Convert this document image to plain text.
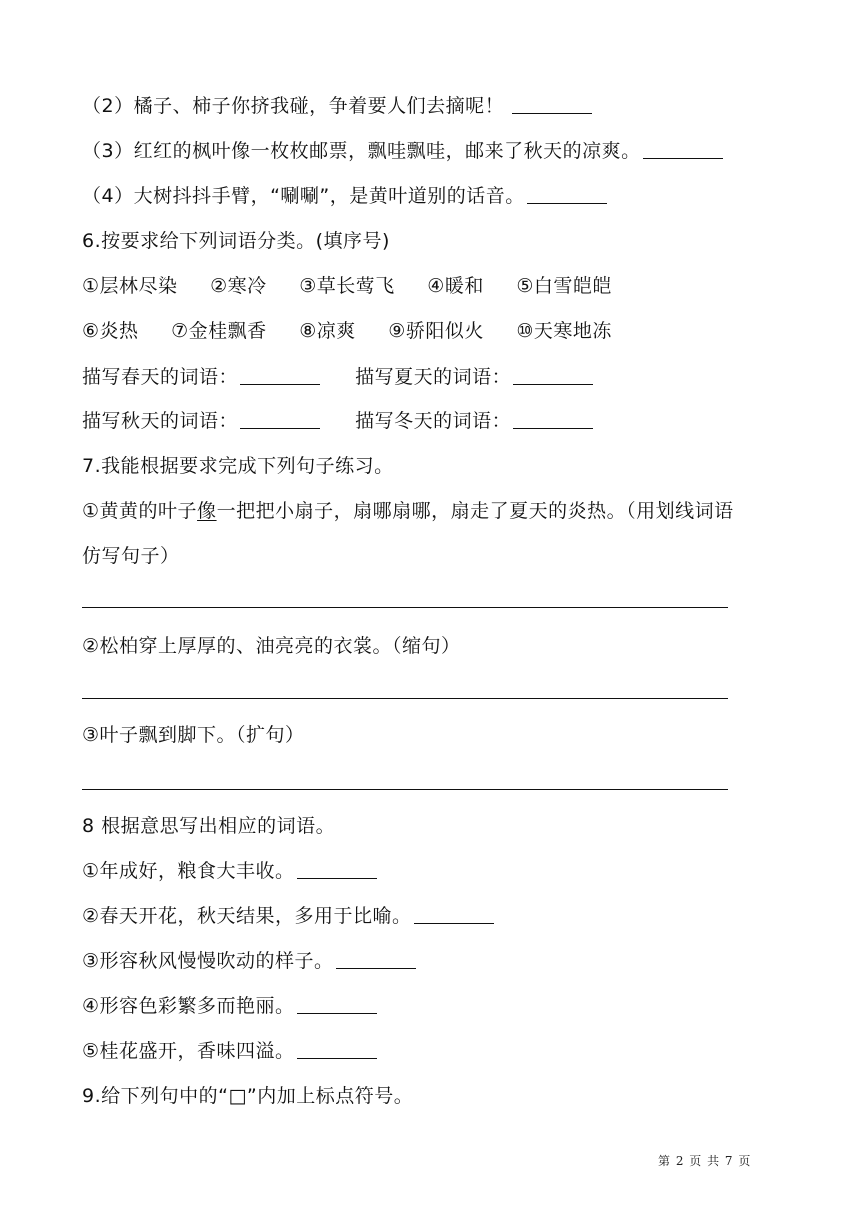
（2）橘子、柿子你挤我碰，争着要人们去摘呢！
（3）红红的枫叶像一枚枚邮票，飘哇飘哇，邮来了秋天的凉爽。
（4）大树抖抖手臂，“唰唰”，是黄叶道别的话音。
6.按要求给下列词语分类。(填序号)
①层林尽染 ②寒冷 ③草长莺飞 ④暖和 ⑤白雪皑皑
⑥炎热 ⑦金桂飘香 ⑧凉爽 ⑨骄阳似火 ⑩天寒地冻
描写春天的词语：	描写夏天的词语：
描写秋天的词语：	描写冬天的词语：
7.我能根据要求完成下列句子练习。
①黄黄的叶子像一把把小扇子，扇哪扇哪，扇走了夏天的炎热。（用划线词语
仿写句子）
②松柏穿上厚厚的、油亮亮的衣裳。（缩句）
③叶子飘到脚下。（扩句）
8 根据意思写出相应的词语。
①年成好，粮食大丰收。
②春天开花，秋天结果，多用于比喻。
③形容秋风慢慢吹动的样子。
④形容色彩繁多而艳丽。
⑤桂花盛开，香味四溢。
9.给下列句中的“□”内加上标点符号。
第 2 页 共 7 页
